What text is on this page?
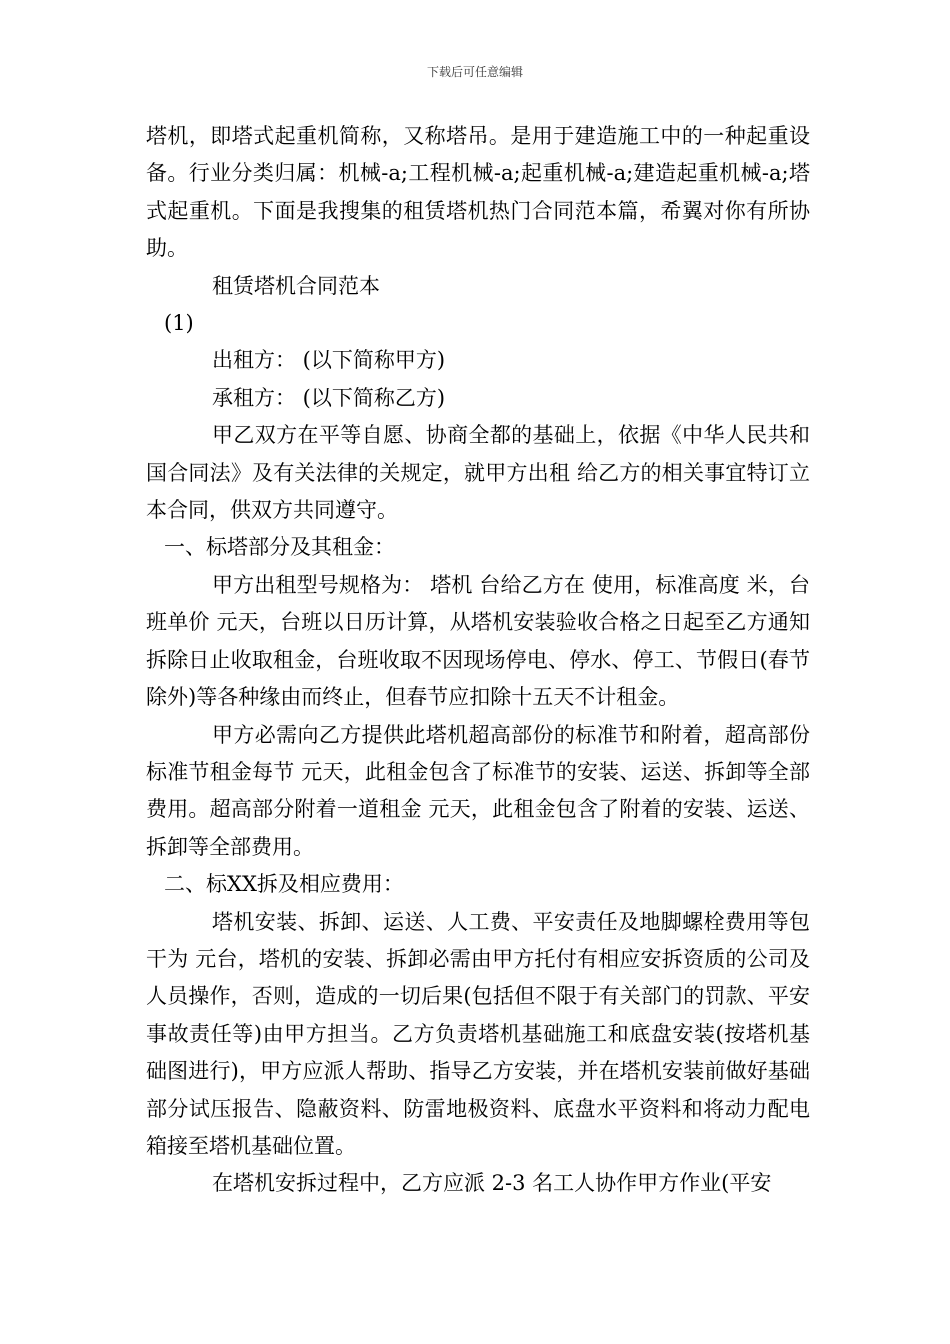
下载后可任意编辑

塔机，即塔式起重机简称，又称塔吊。是用于建造施工中的一种起重设备。行业分类归属：机械-a;工程机械-a;起重机械-a;建造起重机械-a;塔式起重机。下面是我搜集的租赁塔机热门合同范本篇，希翼对你有所协助。

租赁塔机合同范本

(1)

出租方： (以下简称甲方)

承租方： (以下简称乙方)

甲乙双方在平等自愿、协商全都的基础上，依据《中华人民共和国合同法》及有关法律的关规定，就甲方出租 给乙方的相关事宜特订立本合同，供双方共同遵守。

一、标塔部分及其租金：

甲方出租型号规格为： 塔机 台给乙方在 使用，标准高度 米，台班单价 元天，台班以日历计算，从塔机安装验收合格之日起至乙方通知拆除日止收取租金，台班收取不因现场停电、停水、停工、节假日(春节除外)等各种缘由而终止，但春节应扣除十五天不计租金。

甲方必需向乙方提供此塔机超高部份的标准节和附着，超高部份标准节租金每节 元天，此租金包含了标准节的安装、运送、拆卸等全部费用。超高部分附着一道租金 元天，此租金包含了附着的安装、运送、拆卸等全部费用。

二、标XX拆及相应费用：

塔机安装、拆卸、运送、人工费、平安责任及地脚螺栓费用等包干为 元台，塔机的安装、拆卸必需由甲方托付有相应安拆资质的公司及人员操作，否则，造成的一切后果(包括但不限于有关部门的罚款、平安事故责任等)由甲方担当。乙方负责塔机基础施工和底盘安装(按塔机基础图进行)，甲方应派人帮助、指导乙方安装，并在塔机安装前做好基础部分试压报告、隐蔽资料、防雷地极资料、底盘水平资料和将动力配电箱接至塔机基础位置。

在塔机安拆过程中，乙方应派 2-3 名工人协作甲方作业(平安
